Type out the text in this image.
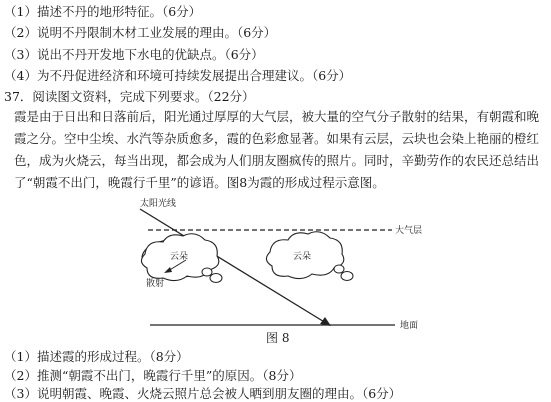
（1）描述不丹的地形特征。（6分）
（2）说明不丹限制木材工业发展的理由。（6分）
（3）说出不丹开发地下水电的优缺点。（6分）
（4）为不丹促进经济和环境可持续发展提出合理建议。（6分）
37．阅读图文资料，完成下列要求。（22分）
霞是由于日出和日落前后，阳光通过厚厚的大气层，被大量的空气分子散射的结果，有朝霞和晚霞之分。空中尘埃、水汽等杂质愈多，霞的色彩愈显著。如果有云层，云块也会染上艳丽的橙红色，成为火烧云，每当出现，都会成为人们朋友圈疯传的照片。同时，辛勤劳作的农民还总结出了“朝霞不出门，晚霞行千里”的谚语。图8为霞的形成过程示意图。
太阳光线
大气层
云朵	云朵
散射
地面
图 8
（1）描述霞的形成过程。（8分）
（2）推测“朝霞不出门，晚霞行千里”的原因。（8分）
（3）说明朝霞、晚霞、火烧云照片总会被人晒到朋友圈的理由。（6分）
